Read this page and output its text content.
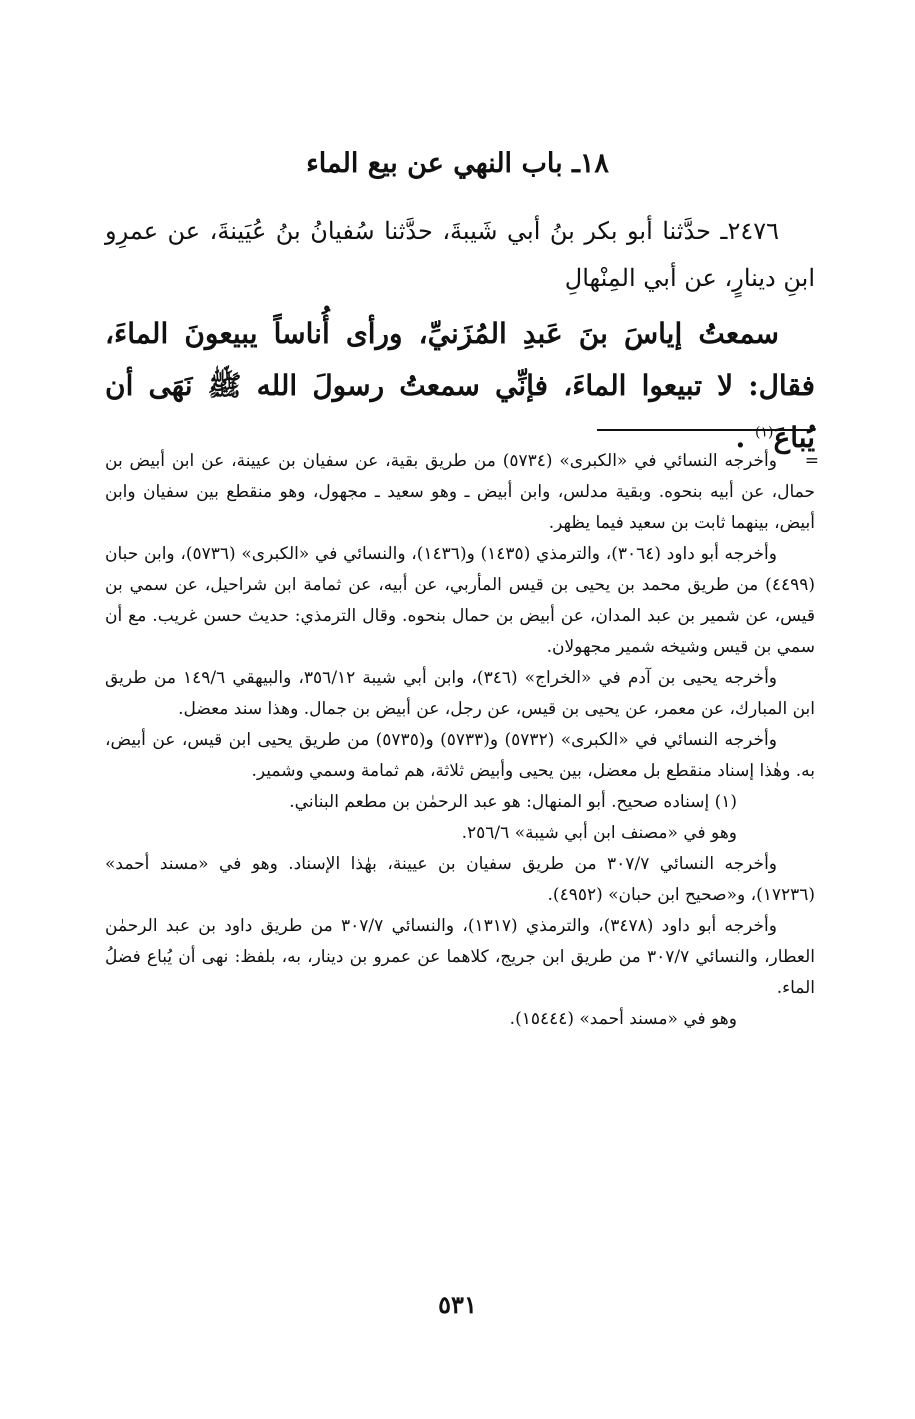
١٨ـ باب النهي عن بيع الماء

٢٤٧٦ـ حدَّثنا أبو بكر بنُ أبي شَيبةَ، حدَّثنا سُفيانُ بنُ عُيَينةَ، عن عمرِو ابنِ دينارٍ، عن أبي المِنْهالِ

سمعتُ إياسَ بنَ عَبدِ المُزَنيِّ، ورأى أُناساً يبيعونَ الماءَ، فقال: لا تبيعوا الماءَ، فإنِّي سمعتُ رسولَ الله ﷺ نَهَى أن يُباعَ$^{(١)}$ .

=
وأخرجه النسائي في «الكبرى» (٥٧٣٤) من طريق بقية، عن سفيان بن عيينة، عن ابن أبيض بن حمال، عن أبيه بنحوه. وبقية مدلس، وابن أبيض ـ وهو سعيد ـ مجهول، وهو منقطع بين سفيان وابن أبيض، بينهما ثابت بن سعيد فيما يظهر.

وأخرجه أبو داود (٣٠٦٤)، والترمذي (١٤٣٥) و(١٤٣٦)، والنسائي في «الكبرى» (٥٧٣٦)، وابن حبان (٤٤٩٩) من طريق محمد بن يحيى بن قيس المأربي، عن أبيه، عن ثمامة ابن شراحيل، عن سمي بن قيس، عن شمير بن عبد المدان، عن أبيض بن حمال بنحوه. وقال الترمذي: حديث حسن غريب. مع أن سمي بن قيس وشيخه شمير مجهولان.

وأخرجه يحيى بن آدم في «الخراج» (٣٤٦)، وابن أبي شيبة ١٢/‏٣٥٦، والبيهقي ٦/‏١٤٩ من طريق ابن المبارك، عن معمر، عن يحيى بن قيس، عن رجل، عن أبيض بن جمال. وهذا سند معضل.

وأخرجه النسائي في «الكبرى» (٥٧٣٢) و(٥٧٣٣) و(٥٧٣٥) من طريق يحيى ابن قيس، عن أبيض، به. وهٰذا إسناد منقطع بل معضل، بين يحيى وأبيض ثلاثة، هم ثمامة وسمي وشمير.

(١) إسناده صحيح. أبو المنهال: هو عبد الرحمٰن بن مطعم البناني.

وهو في «مصنف ابن أبي شيبة» ٦/‏٢٥٦.

وأخرجه النسائي ٧/‏٣٠٧ من طريق سفيان بن عيينة، بهٰذا الإسناد. وهو في «مسند أحمد» (١٧٢٣٦)، و«صحيح ابن حبان» (٤٩٥٢).

وأخرجه أبو داود (٣٤٧٨)، والترمذي (١٣١٧)، والنسائي ٧/‏٣٠٧ من طريق داود بن عبد الرحمٰن العطار، والنسائي ٧/‏٣٠٧ من طريق ابن جريج، كلاهما عن عمرو بن دينار، به، بلفظ: نهى أن يُباع فضلُ الماء.

وهو في «مسند أحمد» (١٥٤٤٤).

٥٣١
